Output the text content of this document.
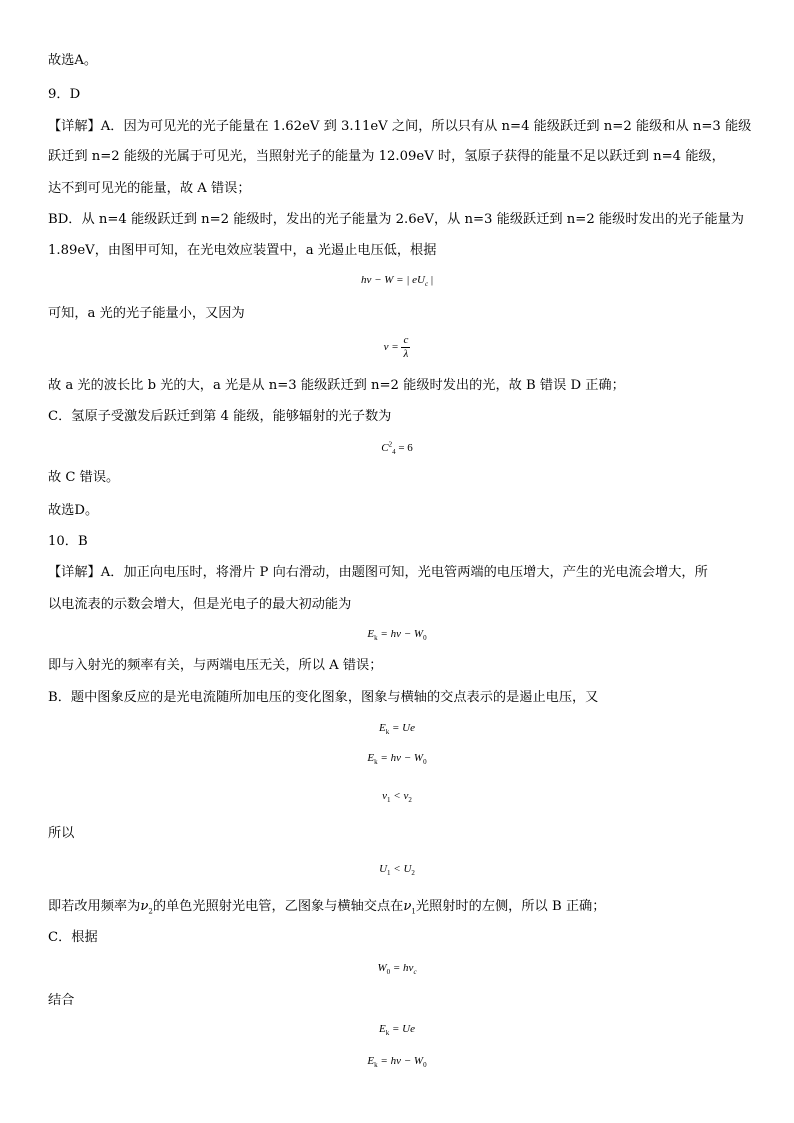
故选A。
9．D
【详解】A．因为可见光的光子能量在 1.62eV 到 3.11eV 之间，所以只有从 n=4 能级跃迁到 n=2 能级和从 n=3 能级
跃迁到 n=2 能级的光属于可见光，当照射光子的能量为 12.09eV 时，氢原子获得的能量不足以跃迁到 n=4 能级，
达不到可见光的能量，故 A 错误；
BD．从 n=4 能级跃迁到 n=2 能级时，发出的光子能量为 2.6eV，从 n=3 能级跃迁到 n=2 能级时发出的光子能量为
1.89eV，由图甲可知，在光电效应装置中，a 光遏止电压低，根据
hν − W = | $eU_c$ |
可知，a 光的光子能量小，又因为
$\nu = \frac{c}{\lambda}$
故 a 光的波长比 b 光的大，a 光是从 n=3 能级跃迁到 n=2 能级时发出的光，故 B 错误 D 正确；
C．氢原子受激发后跃迁到第 4 能级，能够辐射的光子数为
$C^2_4 = 6$
故 C 错误。
故选D。
10．B
【详解】A．加正向电压时，将滑片 P 向右滑动，由题图可知，光电管两端的电压增大，产生的光电流会增大，所
以电流表的示数会增大，但是光电子的最大初动能为
$E_k = h\nu - W_0$
即与入射光的频率有关，与两端电压无关，所以 A 错误；
B．题中图象反应的是光电流随所加电压的变化图象，图象与横轴的交点表示的是遏止电压，又
$E_k = Ue$
$E_k = h\nu - W_0$
$\nu_1 < \nu_2$
所以
$U_1 < U_2$
即若改用频率为$\nu_2$的单色光照射光电管，乙图象与横轴交点在$\nu_1$光照射时的左侧，所以 B 正确；
C．根据
$W_0 = h\nu_c$
结合
$E_k = Ue$
$E_k = h\nu - W_0$
